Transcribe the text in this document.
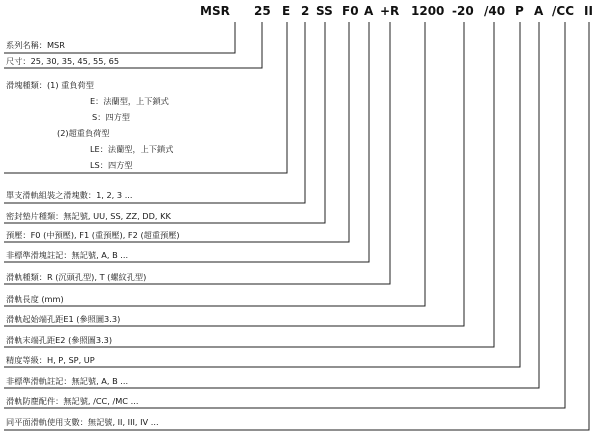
MSR 25 E 2 SS F0 A +R 1200 -20 /40 P A /CC II
系列名稱：MSR
尺寸：25, 30, 35, 45, 55, 65
滑塊種類：(1) 重負荷型
E：法蘭型，上下鎖式
S：四方型
(2)超重負荷型
LE：法蘭型，上下鎖式
LS：四方型
單支滑軌組裝之滑塊數：1, 2, 3 ...
密封墊片種類：無記號, UU, SS, ZZ, DD, KK
預壓：F0 (中預壓), F1 (重預壓), F2 (超重預壓)
非標準滑塊註記：無記號, A, B ...
滑軌種類：R (沉頭孔型), T (螺紋孔型)
滑軌長度 (mm)
滑軌起始端孔距E1 (參照圖3.3)
滑軌末端孔距E2 (參照圖3.3)
精度等級：H, P, SP, UP
非標準滑軌註記：無記號, A, B ...
滑軌防塵配件：無記號, /CC, /MC ...
同平面滑軌使用支數：無記號, II, III, IV ...
